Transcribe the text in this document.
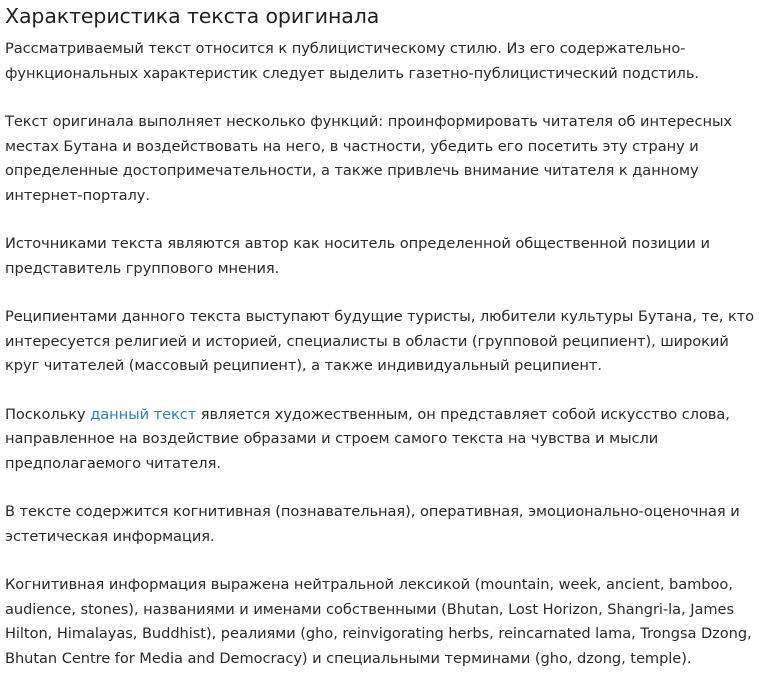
Характеристика текста оригинала

Рассматриваемый текст относится к публицистическому стилю. Из его содержательно-функциональных характеристик следует выделить газетно-публицистический подстиль.

Текст оригинала выполняет несколько функций: проинформировать читателя об интересных местах Бутана и воздействовать на него, в частности, убедить его посетить эту страну и определенные достопримечательности, а также привлечь внимание читателя к данному интернет-порталу.

Источниками текста являются автор как носитель определенной общественной позиции и представитель группового мнения.

Реципиентами данного текста выступают будущие туристы, любители культуры Бутана, те, кто интересуется религией и историей, специалисты в области (групповой реципиент), широкий круг читателей (массовый реципиент), а также индивидуальный реципиент.

Поскольку данный текст является художественным, он представляет собой искусство слова, направленное на воздействие образами и строем самого текста на чувства и мысли предполагаемого читателя.

В тексте содержится когнитивная (познавательная), оперативная, эмоционально-оценочная и эстетическая информация.

Когнитивная информация выражена нейтральной лексикой (mountain, week, ancient, bamboo, audience, stones), названиями и именами собственными (Bhutan, Lost Horizon, Shangri-la, James Hilton, Himalayas, Buddhist), реалиями (gho, reinvigorating herbs, reincarnated lama, Trongsa Dzong, Bhutan Centre for Media and Democracy) и специальными терминами (gho, dzong, temple).
